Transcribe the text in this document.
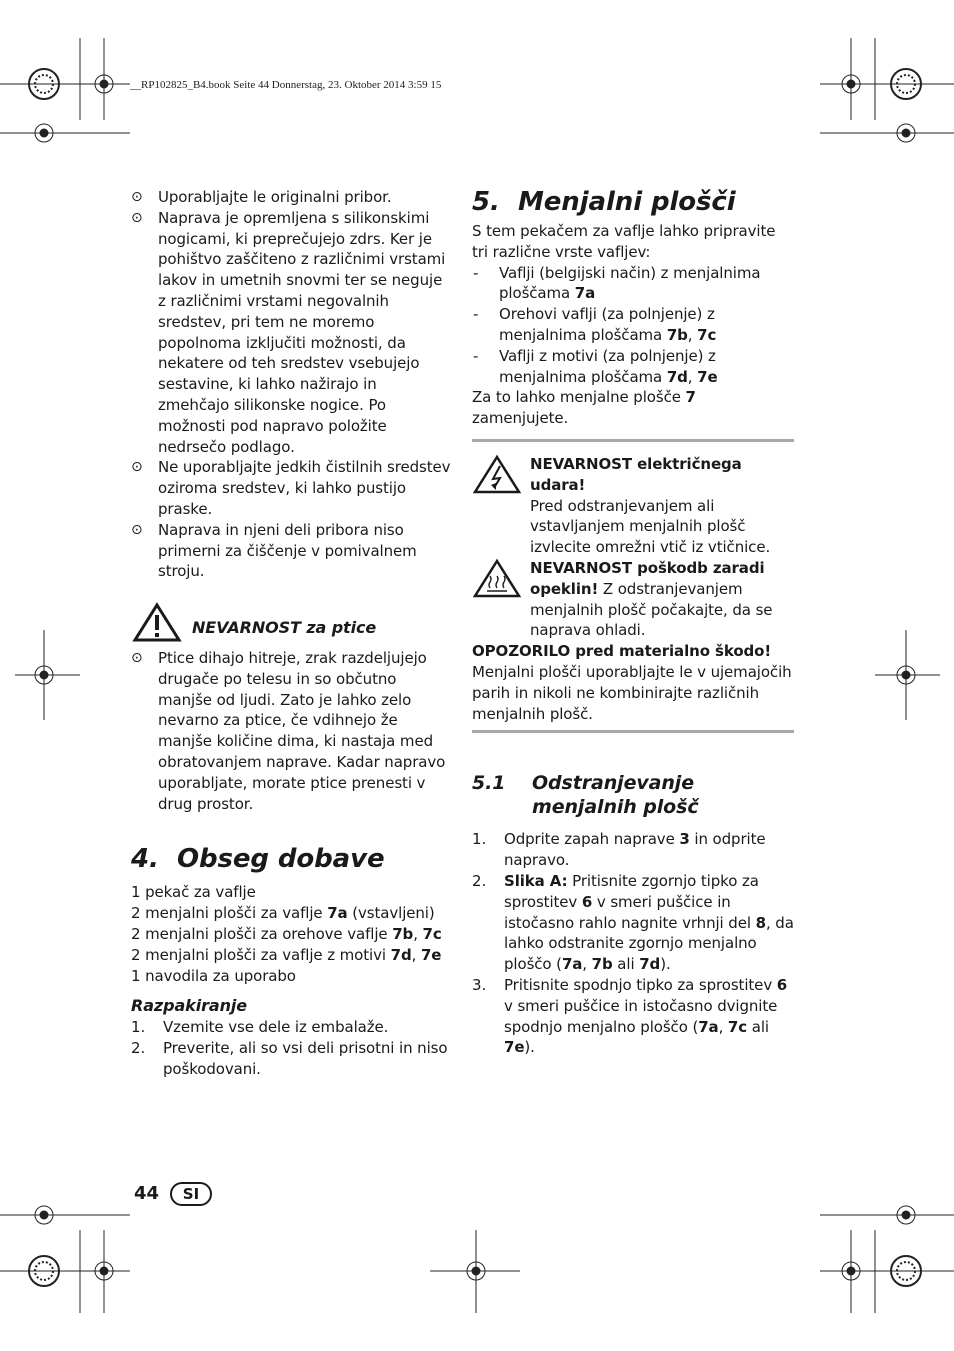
__RP102825_B4.book Seite 44 Donnerstag, 23. Oktober 2014 3:59 15
⊙	Uporabljajte le originalni pribor.
⊙	Naprava je opremljena s silikonskimi nogicami, ki preprečujejo zdrs. Ker je pohištvo zaščiteno z različnimi vrstami lakov in umetnih snovmi ter se neguje z različnimi vrstami negovalnih sredstev, pri tem ne moremo popolnoma izključiti možnosti, da nekatere od teh sredstev vsebujejo sestavine, ki lahko nažirajo in zmehčajo silikonske nogice. Po možnosti pod napravo položite nedrsečo podlago.
⊙	Ne uporabljajte jedkih čistilnih sredstev oziroma sredstev, ki lahko pustijo praske.
⊙	Naprava in njeni deli pribora niso primerni za čiščenje v pomivalnem stroju.
NEVARNOST za ptice
⊙	Ptice dihajo hitreje, zrak razdeljujejo drugače po telesu in so občutno manjše od ljudi. Zato je lahko zelo nevarno za ptice, če vdihnejo že manjše količine dima, ki nastaja med obratovanjem naprave. Kadar napravo uporabljate, morate ptice prenesti v drug prostor.
4. Obseg dobave

1 pekač za vaflje

2 menjalni plošči za vaflje 7a (vstavljeni)

2 menjalni plošči za orehove vaflje 7b, 7c

2 menjalni plošči za vaflje z motivi 7d, 7e

1 navodila za uporabo

Razpakiranje

1.	Vzemite vse dele iz embalaže.
2.	Preverite, ali so vsi deli prisotni in niso poškodovani.
5. Menjalni plošči

S tem pekačem za vaflje lahko pripravite tri različne vrste vafljev:

-	Vaflji (belgijski način) z menjalnima ploščama 7a
-	Orehovi vaflji (za polnjenje) z menjalnima ploščama 7b, 7c
-	Vaflji z motivi (za polnjenje) z menjalnima ploščama 7d, 7e

Za to lahko menjalne plošče 7 zamenjujete.

NEVARNOST električnega udara!

Pred odstranjevanjem ali vstavljanjem menjalnih plošč izvlecite omrežni vtič iz vtičnice.

NEVARNOST poškodb zaradi opeklin! Z odstranjevanjem menjalnih plošč počakajte, da se naprava ohladi.

OPOZORILO pred materialno škodo!

Menjalni plošči uporabljajte le v ujemajočih parih in nikoli ne kombinirajte različnih menjalnih plošč.

5.1	Odstranjevanje menjalnih plošč
1.	Odprite zapah naprave 3 in odprite napravo.
2.	Slika A: Pritisnite zgornjo tipko za sprostitev 6 v smeri puščice in istočasno rahlo nagnite vrhnji del 8, da lahko odstranite zgornjo menjalno ploščo (7a, 7b ali 7d).
3.	Pritisnite spodnjo tipko za sprostitev 6 v smeri puščice in istočasno dvignite spodnjo menjalno ploščo (7a, 7c ali 7e).
44	SI
